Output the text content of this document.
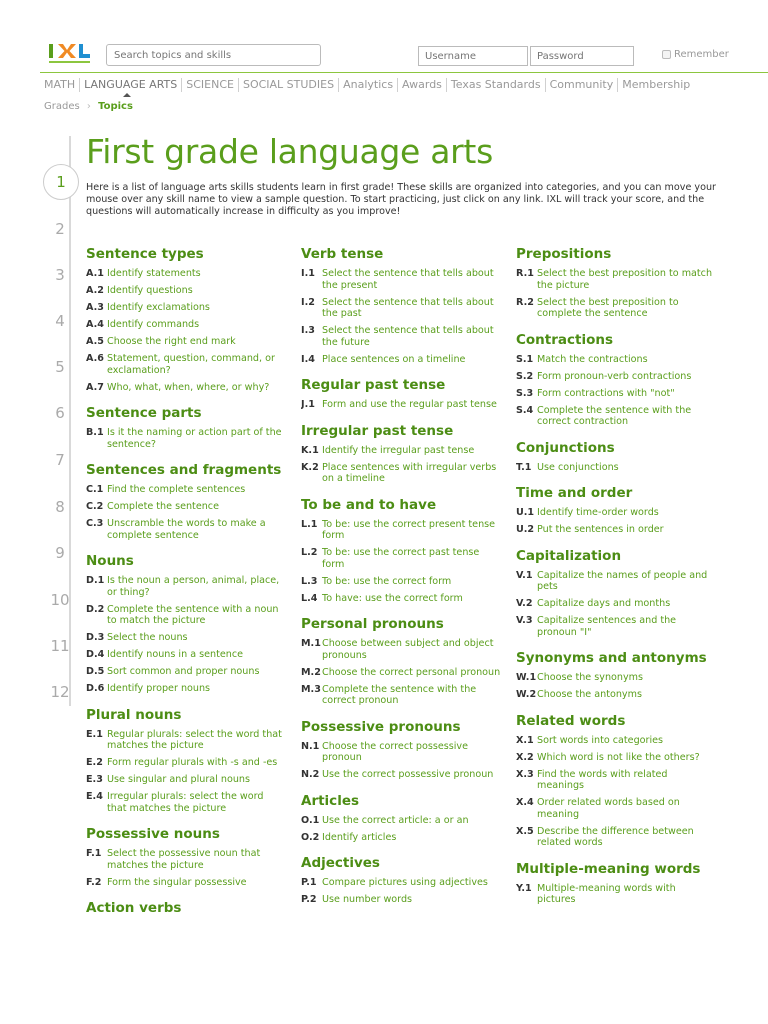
Search topics and skills
Username
Password
Remember
MATH LANGUAGE ARTS SCIENCE SOCIAL STUDIES Analytics Awards Texas Standards Community Membership
Grades › Topics
1
2
3
4
5
6
7
8
9
10
11
12
First grade language arts

Here is a list of language arts skills students learn in first grade! These skills are organized into categories, and you can move your mouse over any skill name to view a sample question. To start practicing, just click on any link. IXL will track your score, and the questions will automatically increase in difficulty as you improve!

Sentence types
A.1 Identify statements
A.2 Identify questions
A.3 Identify exclamations
A.4 Identify commands
A.5 Choose the right end mark
A.6 Statement, question, command, or exclamation?
A.7 Who, what, when, where, or why?
Sentence parts
B.1 Is it the naming or action part of the sentence?
Sentences and fragments
C.1 Find the complete sentences
C.2 Complete the sentence
C.3 Unscramble the words to make a complete sentence
Nouns
D.1 Is the noun a person, animal, place, or thing?
D.2 Complete the sentence with a noun to match the picture
D.3 Select the nouns
D.4 Identify nouns in a sentence
D.5 Sort common and proper nouns
D.6 Identify proper nouns
Plural nouns
E.1 Regular plurals: select the word that matches the picture
E.2 Form regular plurals with -s and -es
E.3 Use singular and plural nouns
E.4 Irregular plurals: select the word that matches the picture
Possessive nouns
F.1 Select the possessive noun that matches the picture
F.2 Form the singular possessive
Action verbs
Verb tense
I.1 Select the sentence that tells about the present
I.2 Select the sentence that tells about the past
I.3 Select the sentence that tells about the future
I.4 Place sentences on a timeline
Regular past tense
J.1 Form and use the regular past tense
Irregular past tense
K.1 Identify the irregular past tense
K.2 Place sentences with irregular verbs on a timeline
To be and to have
L.1 To be: use the correct present tense form
L.2 To be: use the correct past tense form
L.3 To be: use the correct form
L.4 To have: use the correct form
Personal pronouns
M.1 Choose between subject and object pronouns
M.2 Choose the correct personal pronoun
M.3 Complete the sentence with the correct pronoun
Possessive pronouns
N.1 Choose the correct possessive pronoun
N.2 Use the correct possessive pronoun
Articles
O.1 Use the correct article: a or an
O.2 Identify articles
Adjectives
P.1 Compare pictures using adjectives
P.2 Use number words
Prepositions
R.1 Select the best preposition to match the picture
R.2 Select the best preposition to complete the sentence
Contractions
S.1 Match the contractions
S.2 Form pronoun-verb contractions
S.3 Form contractions with "not"
S.4 Complete the sentence with the correct contraction
Conjunctions
T.1 Use conjunctions
Time and order
U.1 Identify time-order words
U.2 Put the sentences in order
Capitalization
V.1 Capitalize the names of people and pets
V.2 Capitalize days and months
V.3 Capitalize sentences and the pronoun "I"
Synonyms and antonyms
W.1 Choose the synonyms
W.2 Choose the antonyms
Related words
X.1 Sort words into categories
X.2 Which word is not like the others?
X.3 Find the words with related meanings
X.4 Order related words based on meaning
X.5 Describe the difference between related words
Multiple-meaning words
Y.1 Multiple-meaning words with pictures
